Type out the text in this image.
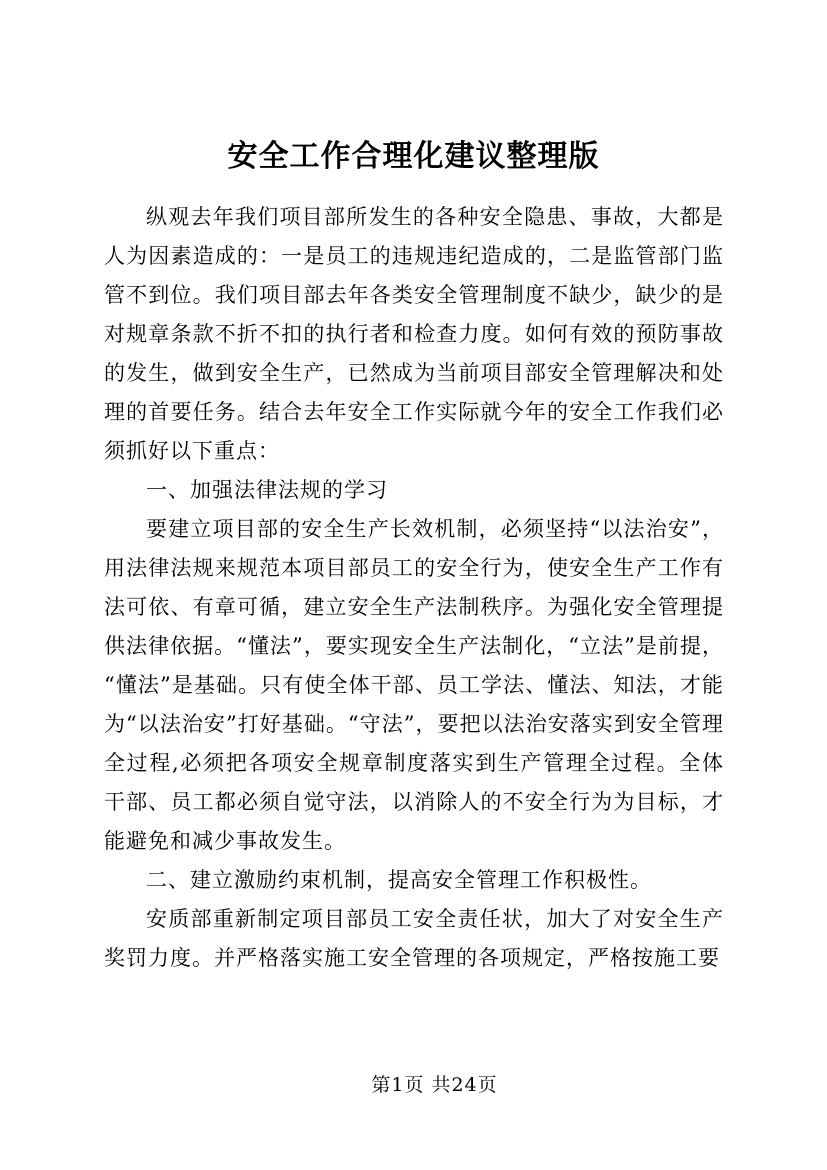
安全工作合理化建议整理版

纵观去年我们项目部所发生的各种安全隐患、事故，大都是人为因素造成的：一是员工的违规违纪造成的，二是监管部门监管不到位。我们项目部去年各类安全管理制度不缺少，缺少的是对规章条款不折不扣的执行者和检查力度。如何有效的预防事故的发生，做到安全生产，已然成为当前项目部安全管理解决和处理的首要任务。结合去年安全工作实际就今年的安全工作我们必须抓好以下重点：

一、加强法律法规的学习

要建立项目部的安全生产长效机制，必须坚持“以法治安”，用法律法规来规范本项目部员工的安全行为，使安全生产工作有法可依、有章可循，建立安全生产法制秩序。为强化安全管理提供法律依据。“懂法”，要实现安全生产法制化，“立法”是前提，“懂法”是基础。只有使全体干部、员工学法、懂法、知法，才能为“以法治安”打好基础。“守法”，要把以法治安落实到安全管理全过程,必须把各项安全规章制度落实到生产管理全过程。全体干部、员工都必须自觉守法，以消除人的不安全行为为目标，才能避免和减少事故发生。

二、建立激励约束机制，提高安全管理工作积极性。

安质部重新制定项目部员工安全责任状，加大了对安全生产奖罚力度。并严格落实施工安全管理的各项规定，严格按施工要

第1页 共24页
